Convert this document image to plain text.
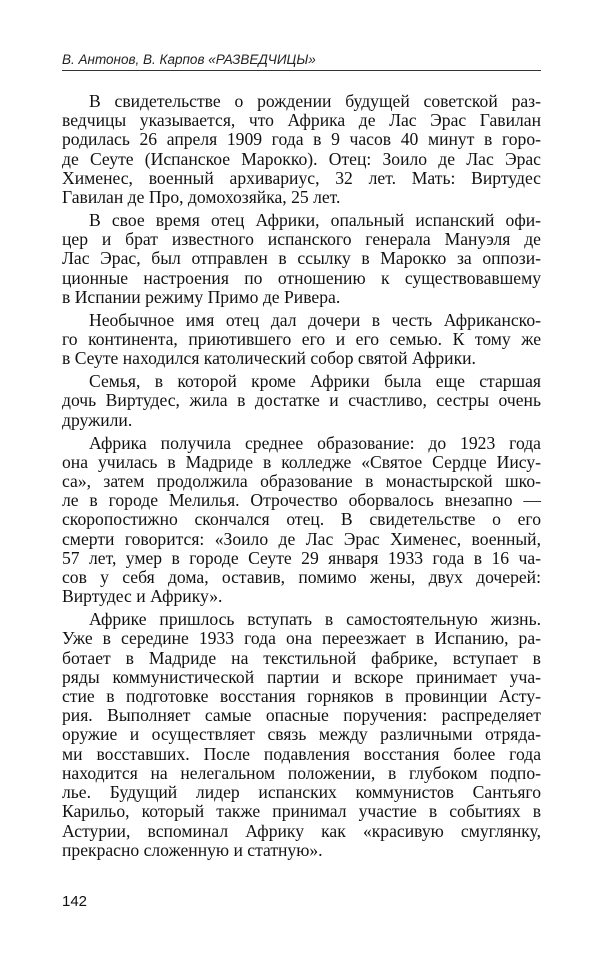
В. Антонов, В. Карпов «РАЗВЕДЧИЦЫ»
В свидетельстве о рождении будущей советской раз-
ведчицы указывается, что Африка де Лас Эрас Гавилан
родилась 26 апреля 1909 года в 9 часов 40 минут в горо-
де Сеуте (Испанское Марокко). Отец: Зоило де Лас Эрас
Хименес, военный архивариус, 32 лет. Мать: Виртудес
Гавилан де Про, домохозяйка, 25 лет.
В свое время отец Африки, опальный испанский офи-
цер и брат известного испанского генерала Мануэля де
Лас Эрас, был отправлен в ссылку в Марокко за оппози-
ционные настроения по отношению к существовавшему
в Испании режиму Примо де Ривера.
Необычное имя отец дал дочери в честь Африканско-
го континента, приютившего его и его семью. К тому же
в Сеуте находился католический собор святой Африки.
Семья, в которой кроме Африки была еще старшая
дочь Виртудес, жила в достатке и счастливо, сестры очень
дружили.
Африка получила среднее образование: до 1923 года
она училась в Мадриде в колледже «Святое Сердце Иису-
са», затем продолжила образование в монастырской шко-
ле в городе Мелилья. Отрочество оборвалось внезапно —
скоропостижно скончался отец. В свидетельстве о его
смерти говорится: «Зоило де Лас Эрас Хименес, военный,
57 лет, умер в городе Сеуте 29 января 1933 года в 16 ча-
сов у себя дома, оставив, помимо жены, двух дочерей:
Виртудес и Африку».
Африке пришлось вступать в самостоятельную жизнь.
Уже в середине 1933 года она переезжает в Испанию, ра-
ботает в Мадриде на текстильной фабрике, вступает в
ряды коммунистической партии и вскоре принимает уча-
стие в подготовке восстания горняков в провинции Асту-
рия. Выполняет самые опасные поручения: распределяет
оружие и осуществляет связь между различными отряда-
ми восставших. После подавления восстания более года
находится на нелегальном положении, в глубоком подпо-
лье. Будущий лидер испанских коммунистов Сантьяго
Карильо, который также принимал участие в событиях в
Астурии, вспоминал Африку как «красивую смуглянку,
прекрасно сложенную и статную».
142
